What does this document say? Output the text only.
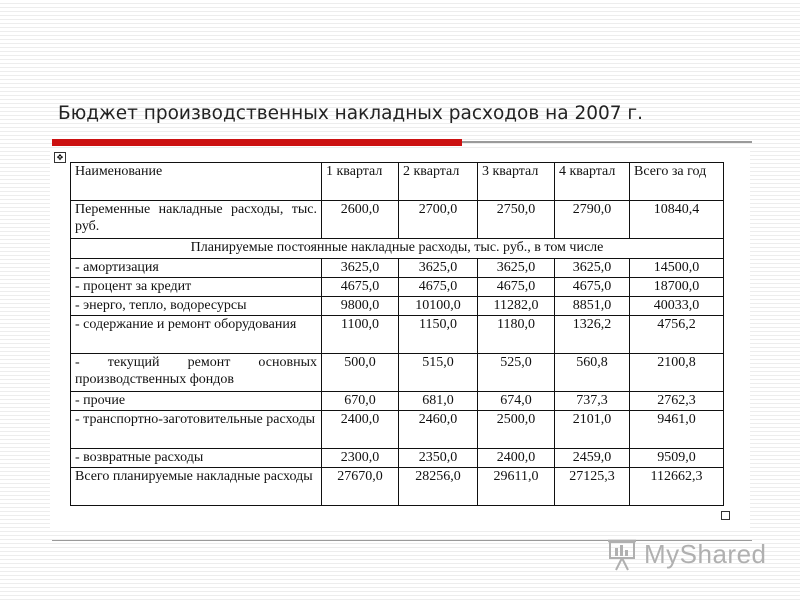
Бюджет производственных накладных расходов на 2007 г.
✥
Наименование	1 квартал	2 квартал	3 квартал	4 квартал	Всего за год
Переменные накладные расходы, тыс. руб.	2600,0	2700,0	2750,0	2790,0	10840,4
Планируемые постоянные накладные расходы, тыс. руб., в том числе					
- амортизация	3625,0	3625,0	3625,0	3625,0	14500,0
- процент за кредит	4675,0	4675,0	4675,0	4675,0	18700,0
- энерго, тепло, водоресурсы	9800,0	10100,0	11282,0	8851,0	40033,0
- содержание и ремонт оборудования	1100,0	1150,0	1180,0	1326,2	4756,2
- текущий ремонт основных производственных фондов	500,0	515,0	525,0	560,8	2100,8
- прочие	670,0	681,0	674,0	737,3	2762,3
- транспортно-заготовительные расходы	2400,0	2460,0	2500,0	2101,0	9461,0
- возвратные расходы	2300,0	2350,0	2400,0	2459,0	9509,0
Всего планируемые накладные расходы	27670,0	28256,0	29611,0	27125,3	112662,3
MyShared
